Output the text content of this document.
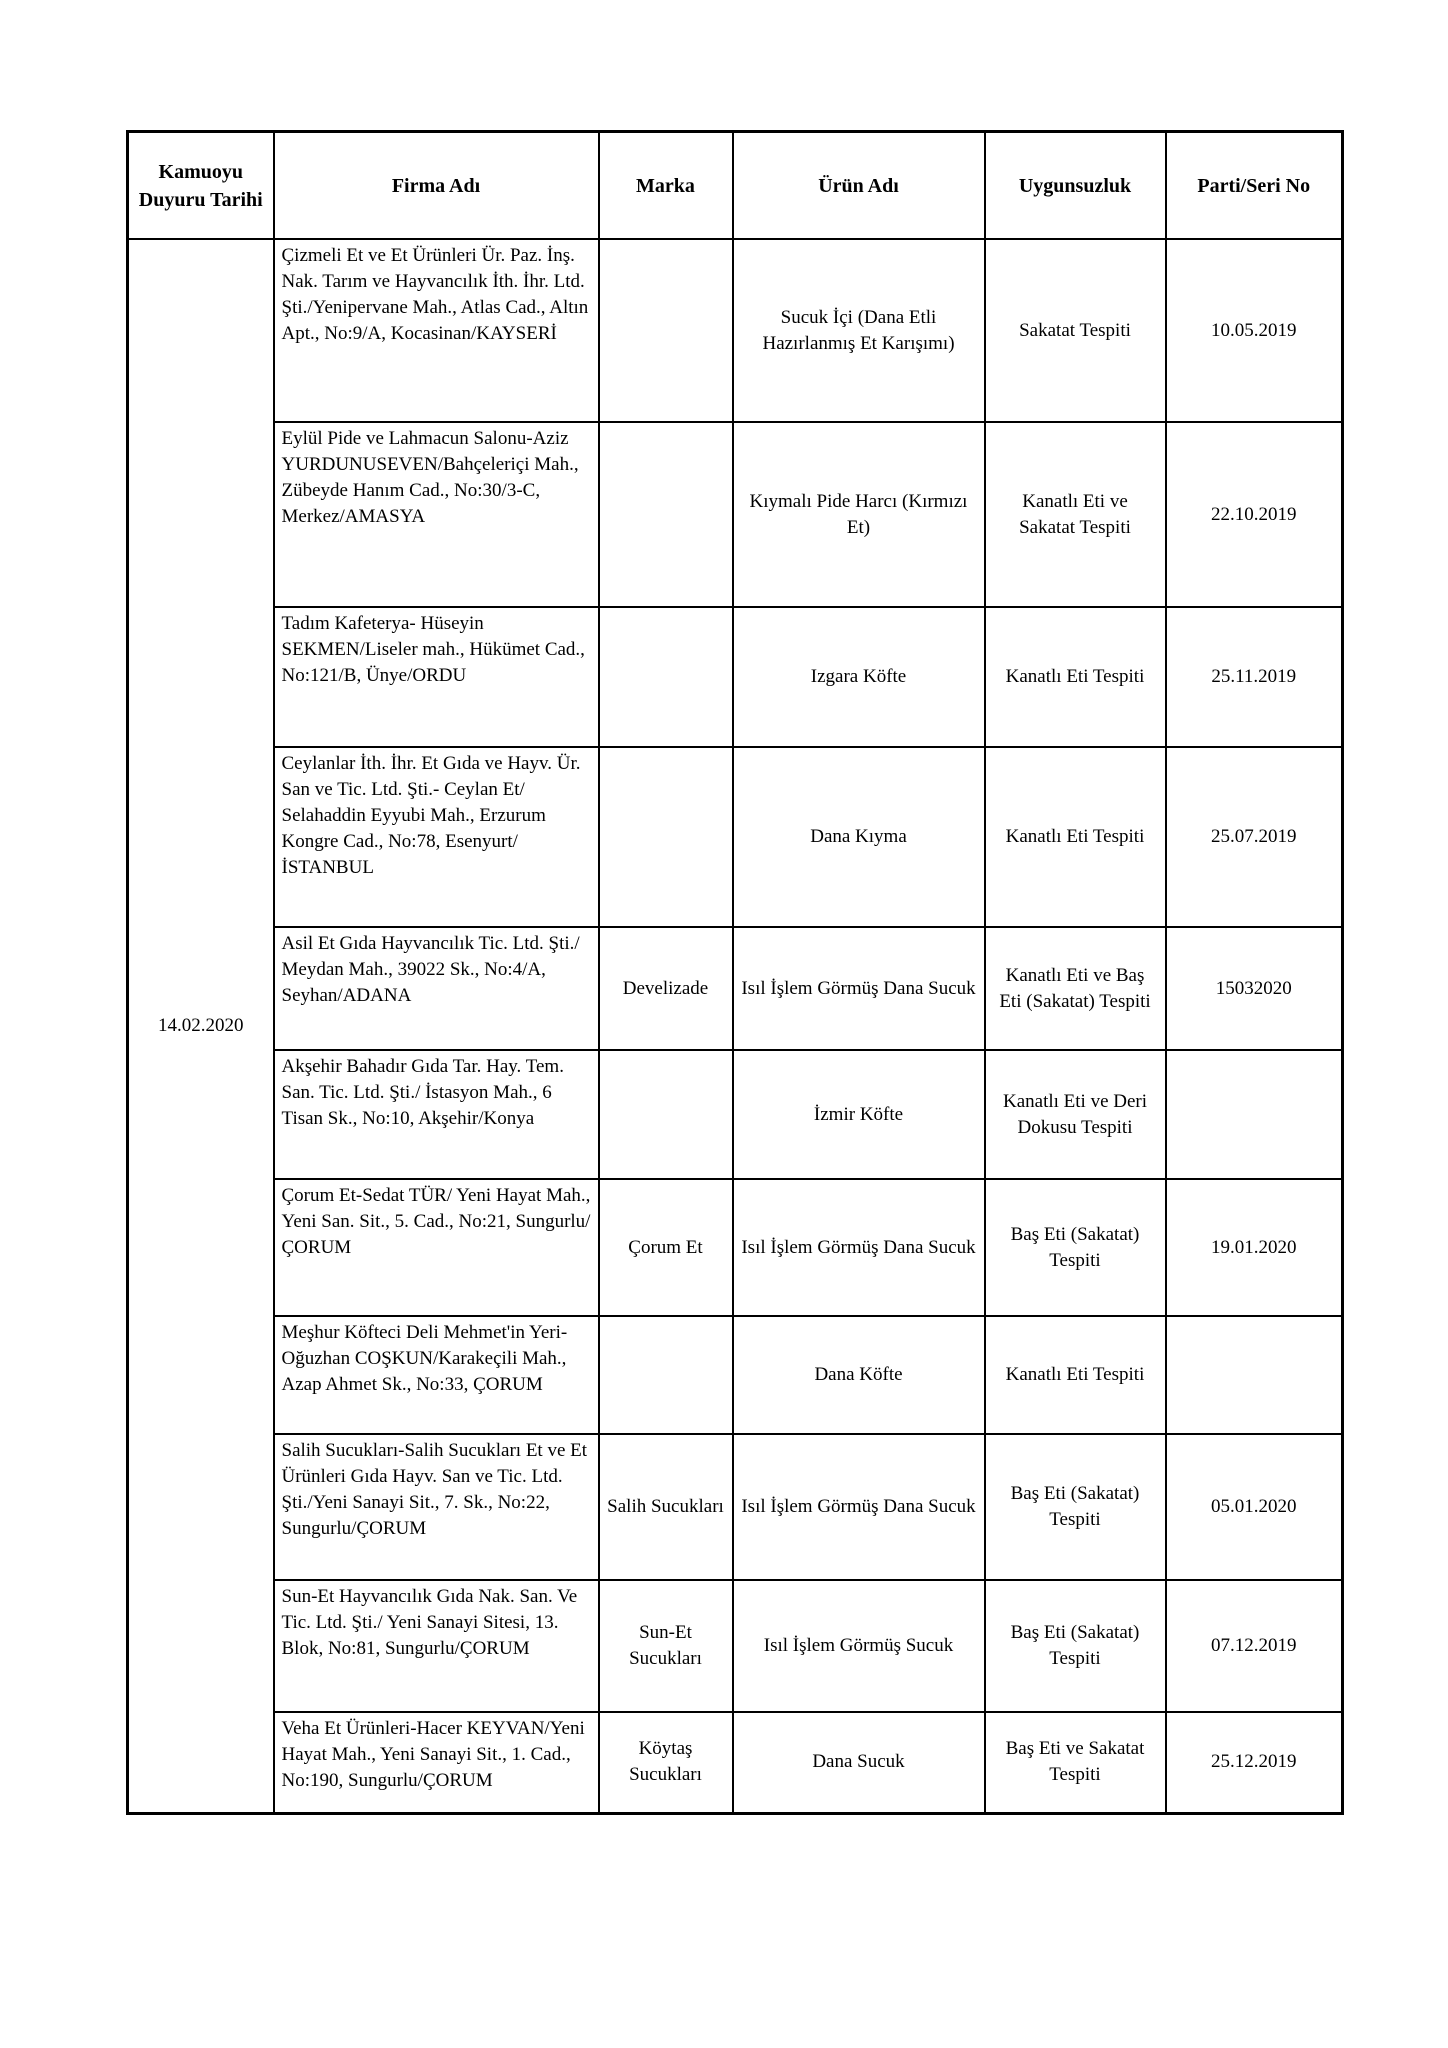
Kamuoyu Duyuru Tarihi	Firma Adı	Marka	Ürün Adı	Uygunsuzluk	Parti/Seri No
14.02.2020	Çizmeli Et ve Et Ürünleri Ür. Paz. İnş. Nak. Tarım ve Hayvancılık İth. İhr. Ltd. Şti./Yenipervane Mah., Atlas Cad., Altın Apt., No:9/A, Kocasinan/KAYSERİ		Sucuk İçi (Dana Etli Hazırlanmış Et Karışımı)	Sakatat Tespiti	10.05.2019
	Eylül Pide ve Lahmacun Salonu-Aziz YURDUNUSEVEN/Bahçeleriçi Mah., Zübeyde Hanım Cad., No:30/3-C, Merkez/AMASYA		Kıymalı Pide Harcı (Kırmızı Et)	Kanatlı Eti ve Sakatat Tespiti	22.10.2019
	Tadım Kafeterya- Hüseyin SEKMEN/Liseler mah., Hükümet Cad., No:121/B, Ünye/ORDU		Izgara Köfte	Kanatlı Eti Tespiti	25.11.2019
	Ceylanlar İth. İhr. Et Gıda ve Hayv. Ür. San ve Tic. Ltd. Şti.- Ceylan Et/ Selahaddin Eyyubi Mah., Erzurum Kongre Cad., No:78, Esenyurt/İSTANBUL		Dana Kıyma	Kanatlı Eti Tespiti	25.07.2019
	Asil Et Gıda Hayvancılık Tic. Ltd. Şti./ Meydan Mah., 39022 Sk., No:4/A, Seyhan/ADANA	Develizade	Isıl İşlem Görmüş Dana Sucuk	Kanatlı Eti ve Baş Eti (Sakatat) Tespiti	15032020
	Akşehir Bahadır Gıda Tar. Hay. Tem. San. Tic. Ltd. Şti./ İstasyon Mah., 6 Tisan Sk., No:10, Akşehir/Konya		İzmir Köfte	Kanatlı Eti ve Deri Dokusu Tespiti	
	Çorum Et-Sedat TÜR/ Yeni Hayat Mah., Yeni San. Sit., 5. Cad., No:21, Sungurlu/ÇORUM	Çorum Et	Isıl İşlem Görmüş Dana Sucuk	Baş Eti (Sakatat) Tespiti	19.01.2020
	Meşhur Köfteci Deli Mehmet'in Yeri-Oğuzhan COŞKUN/Karakeçili Mah., Azap Ahmet Sk., No:33, ÇORUM		Dana Köfte	Kanatlı Eti Tespiti	
	Salih Sucukları-Salih Sucukları Et ve Et Ürünleri Gıda Hayv. San ve Tic. Ltd. Şti./Yeni Sanayi Sit., 7. Sk., No:22, Sungurlu/ÇORUM	Salih Sucukları	Isıl İşlem Görmüş Dana Sucuk	Baş Eti (Sakatat) Tespiti	05.01.2020
	Sun-Et Hayvancılık Gıda Nak. San. Ve Tic. Ltd. Şti./ Yeni Sanayi Sitesi, 13. Blok, No:81, Sungurlu/ÇORUM	Sun-Et Sucukları	Isıl İşlem Görmüş Sucuk	Baş Eti (Sakatat) Tespiti	07.12.2019
	Veha Et Ürünleri-Hacer KEYVAN/Yeni Hayat Mah., Yeni Sanayi Sit., 1. Cad., No:190, Sungurlu/ÇORUM	Köytaş Sucukları	Dana Sucuk	Baş Eti ve Sakatat Tespiti	25.12.2019
